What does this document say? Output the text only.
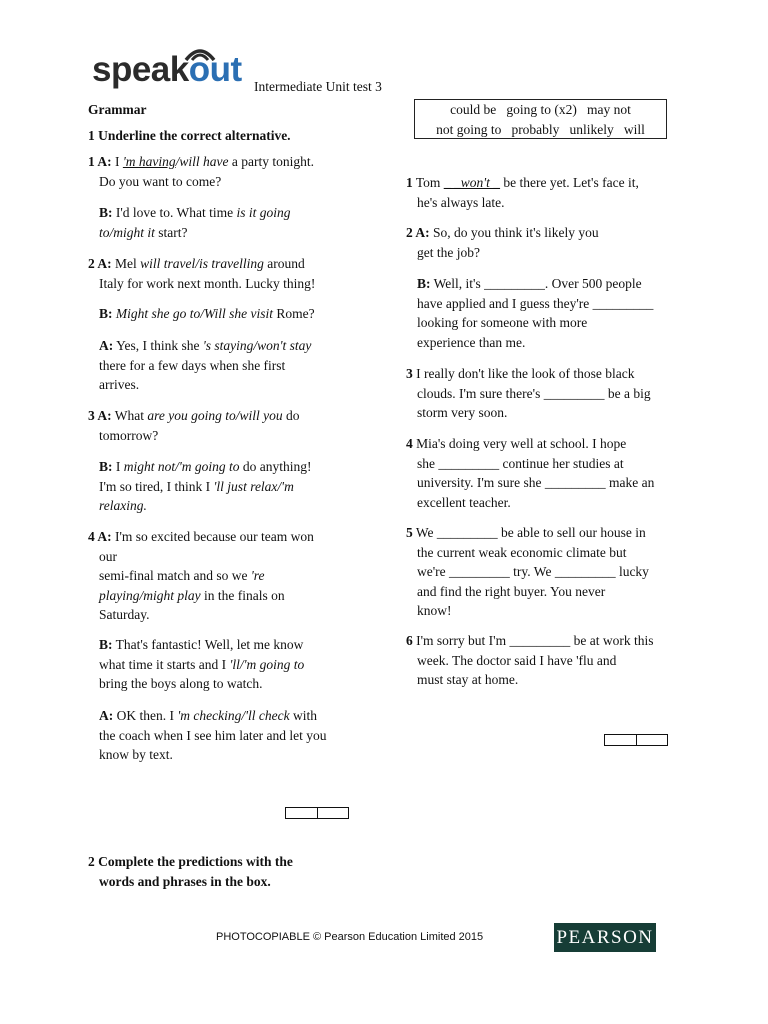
speakout Intermediate Unit test 3
Grammar
1 Underline the correct alternative.

1 A: I 'm having/will have a party tonight.

Do you want to come?

B: I'd love to. What time is it going

to/might it start?

2 A: Mel will travel/is travelling around

Italy for work next month. Lucky thing!

B: Might she go to/Will she visit Rome?

A: Yes, I think she 's staying/won't stay

there for a few days when she first

arrives.

3 A: What are you going to/will you do

tomorrow?

B: I might not/'m going to do anything!

I'm so tired, I think I 'll just relax/'m

relaxing.

4 A: I'm so excited because our team won

our

semi-final match and so we 're

playing/might play in the finals on

Saturday.

B: That's fantastic! Well, let me know

what time it starts and I 'll/'m going to

bring the boys along to watch.

A: OK then. I 'm checking/'ll check with

the coach when I see him later and let you

know by text.

2 Complete the predictions with the

words and phrases in the box.

could be   going to (x2)   may not

not going to   probably   unlikely   will

1 Tom _ _won't _ be there yet. Let's face it,

he's always late.

2 A: So, do you think it's likely you

get the job?

B: Well, it's _________. Over 500 people

have applied and I guess they're _________

looking for someone with more

experience than me.

3 I really don't like the look of those black

clouds. I'm sure there's _________ be a big

storm very soon.

4 Mia's doing very well at school. I hope

she _________ continue her studies at

university. I'm sure she _________ make an

excellent teacher.

5 We _________ be able to sell our house in

the current weak economic climate but

we're _________ try. We _________ lucky

and find the right buyer. You never

know!

6 I'm sorry but I'm _________ be at work this

week. The doctor said I have 'flu and

must stay at home.

PHOTOCOPIABLE © Pearson Education Limited 2015	PEARSON
